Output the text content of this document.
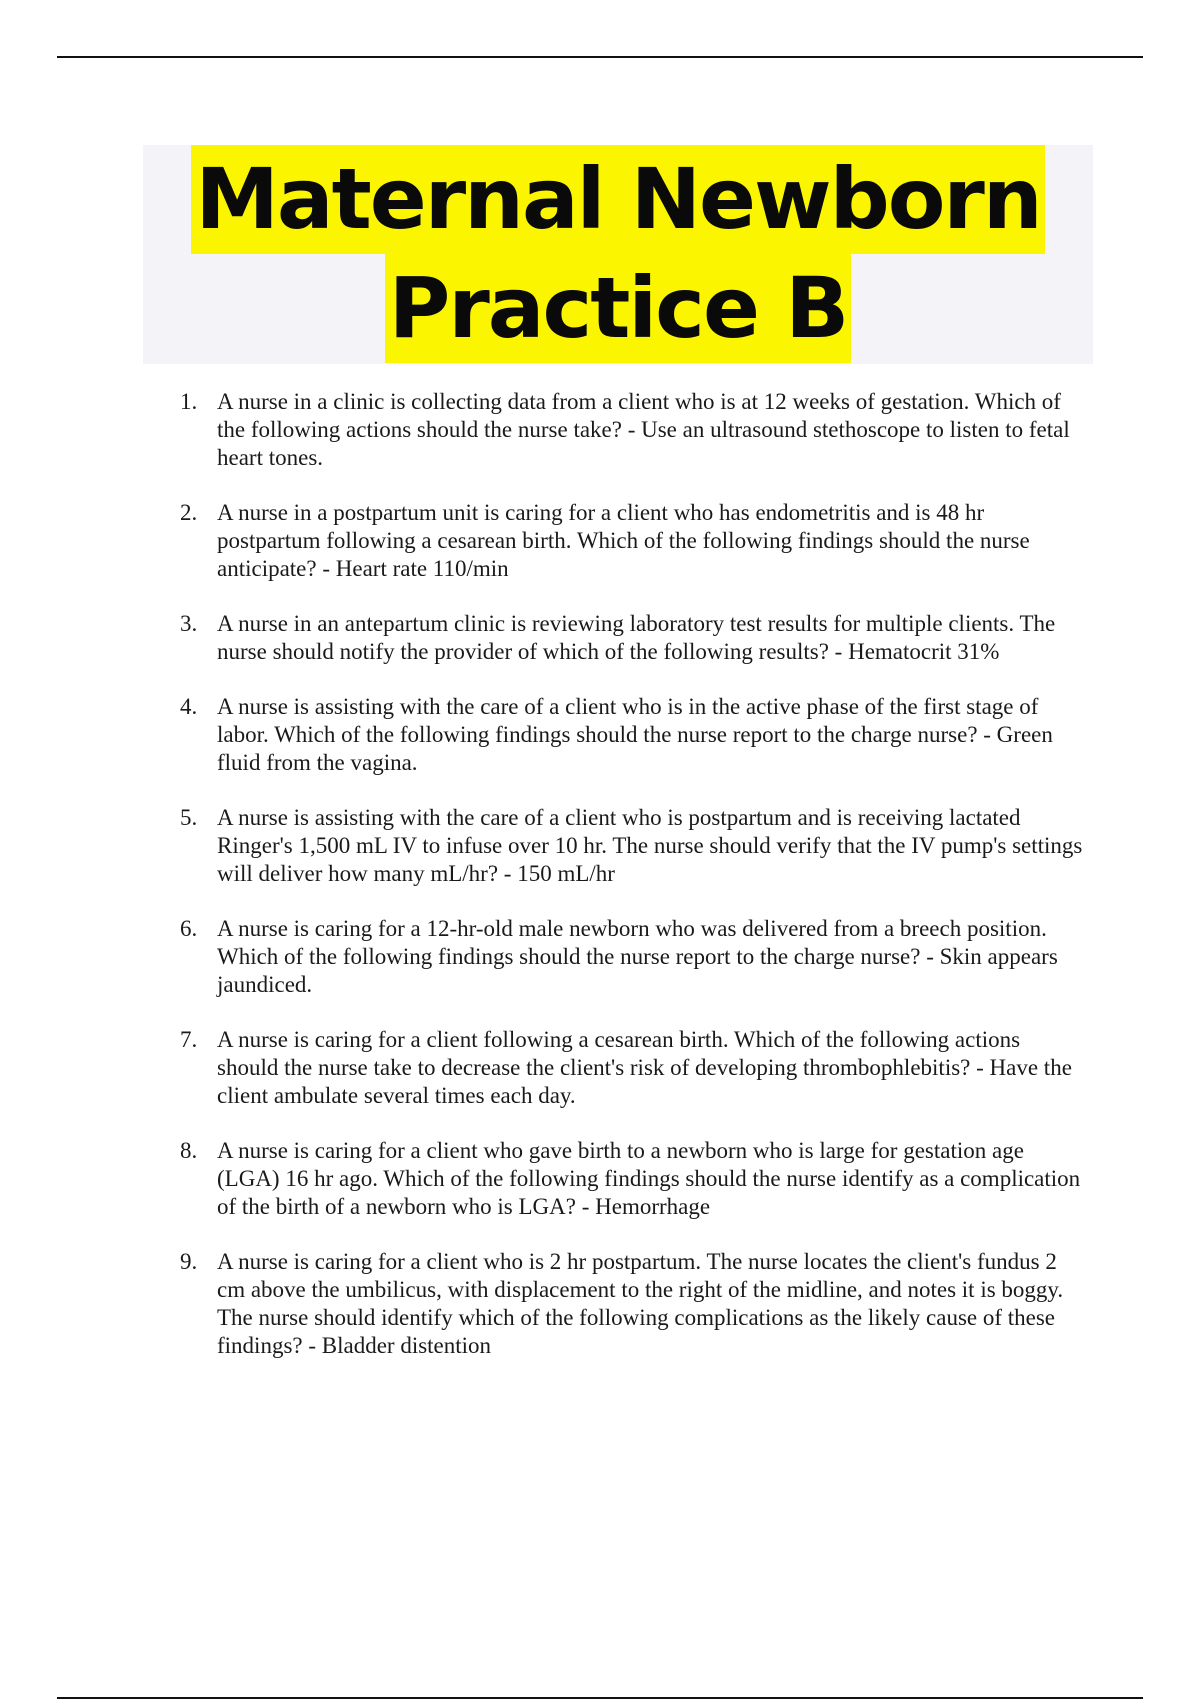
Maternal Newborn
Practice B
1. A nurse in a clinic is collecting data from a client who is at 12 weeks of gestation. Which of the following actions should the nurse take? - Use an ultrasound stethoscope to listen to fetal heart tones.
2. A nurse in a postpartum unit is caring for a client who has endometritis and is 48 hr postpartum following a cesarean birth. Which of the following findings should the nurse anticipate? - Heart rate 110/min
3. A nurse in an antepartum clinic is reviewing laboratory test results for multiple clients. The nurse should notify the provider of which of the following results? - Hematocrit 31%
4. A nurse is assisting with the care of a client who is in the active phase of the first stage of labor. Which of the following findings should the nurse report to the charge nurse? - Green fluid from the vagina.
5. A nurse is assisting with the care of a client who is postpartum and is receiving lactated Ringer's 1,500 mL IV to infuse over 10 hr. The nurse should verify that the IV pump's settings will deliver how many mL/hr? - 150 mL/hr
6. A nurse is caring for a 12-hr-old male newborn who was delivered from a breech position. Which of the following findings should the nurse report to the charge nurse? - Skin appears jaundiced.
7. A nurse is caring for a client following a cesarean birth. Which of the following actions should the nurse take to decrease the client's risk of developing thrombophlebitis? - Have the client ambulate several times each day.
8. A nurse is caring for a client who gave birth to a newborn who is large for gestation age (LGA) 16 hr ago. Which of the following findings should the nurse identify as a complication of the birth of a newborn who is LGA? - Hemorrhage
9. A nurse is caring for a client who is 2 hr postpartum. The nurse locates the client's fundus 2 cm above the umbilicus, with displacement to the right of the midline, and notes it is boggy. The nurse should identify which of the following complications as the likely cause of these findings? - Bladder distention
